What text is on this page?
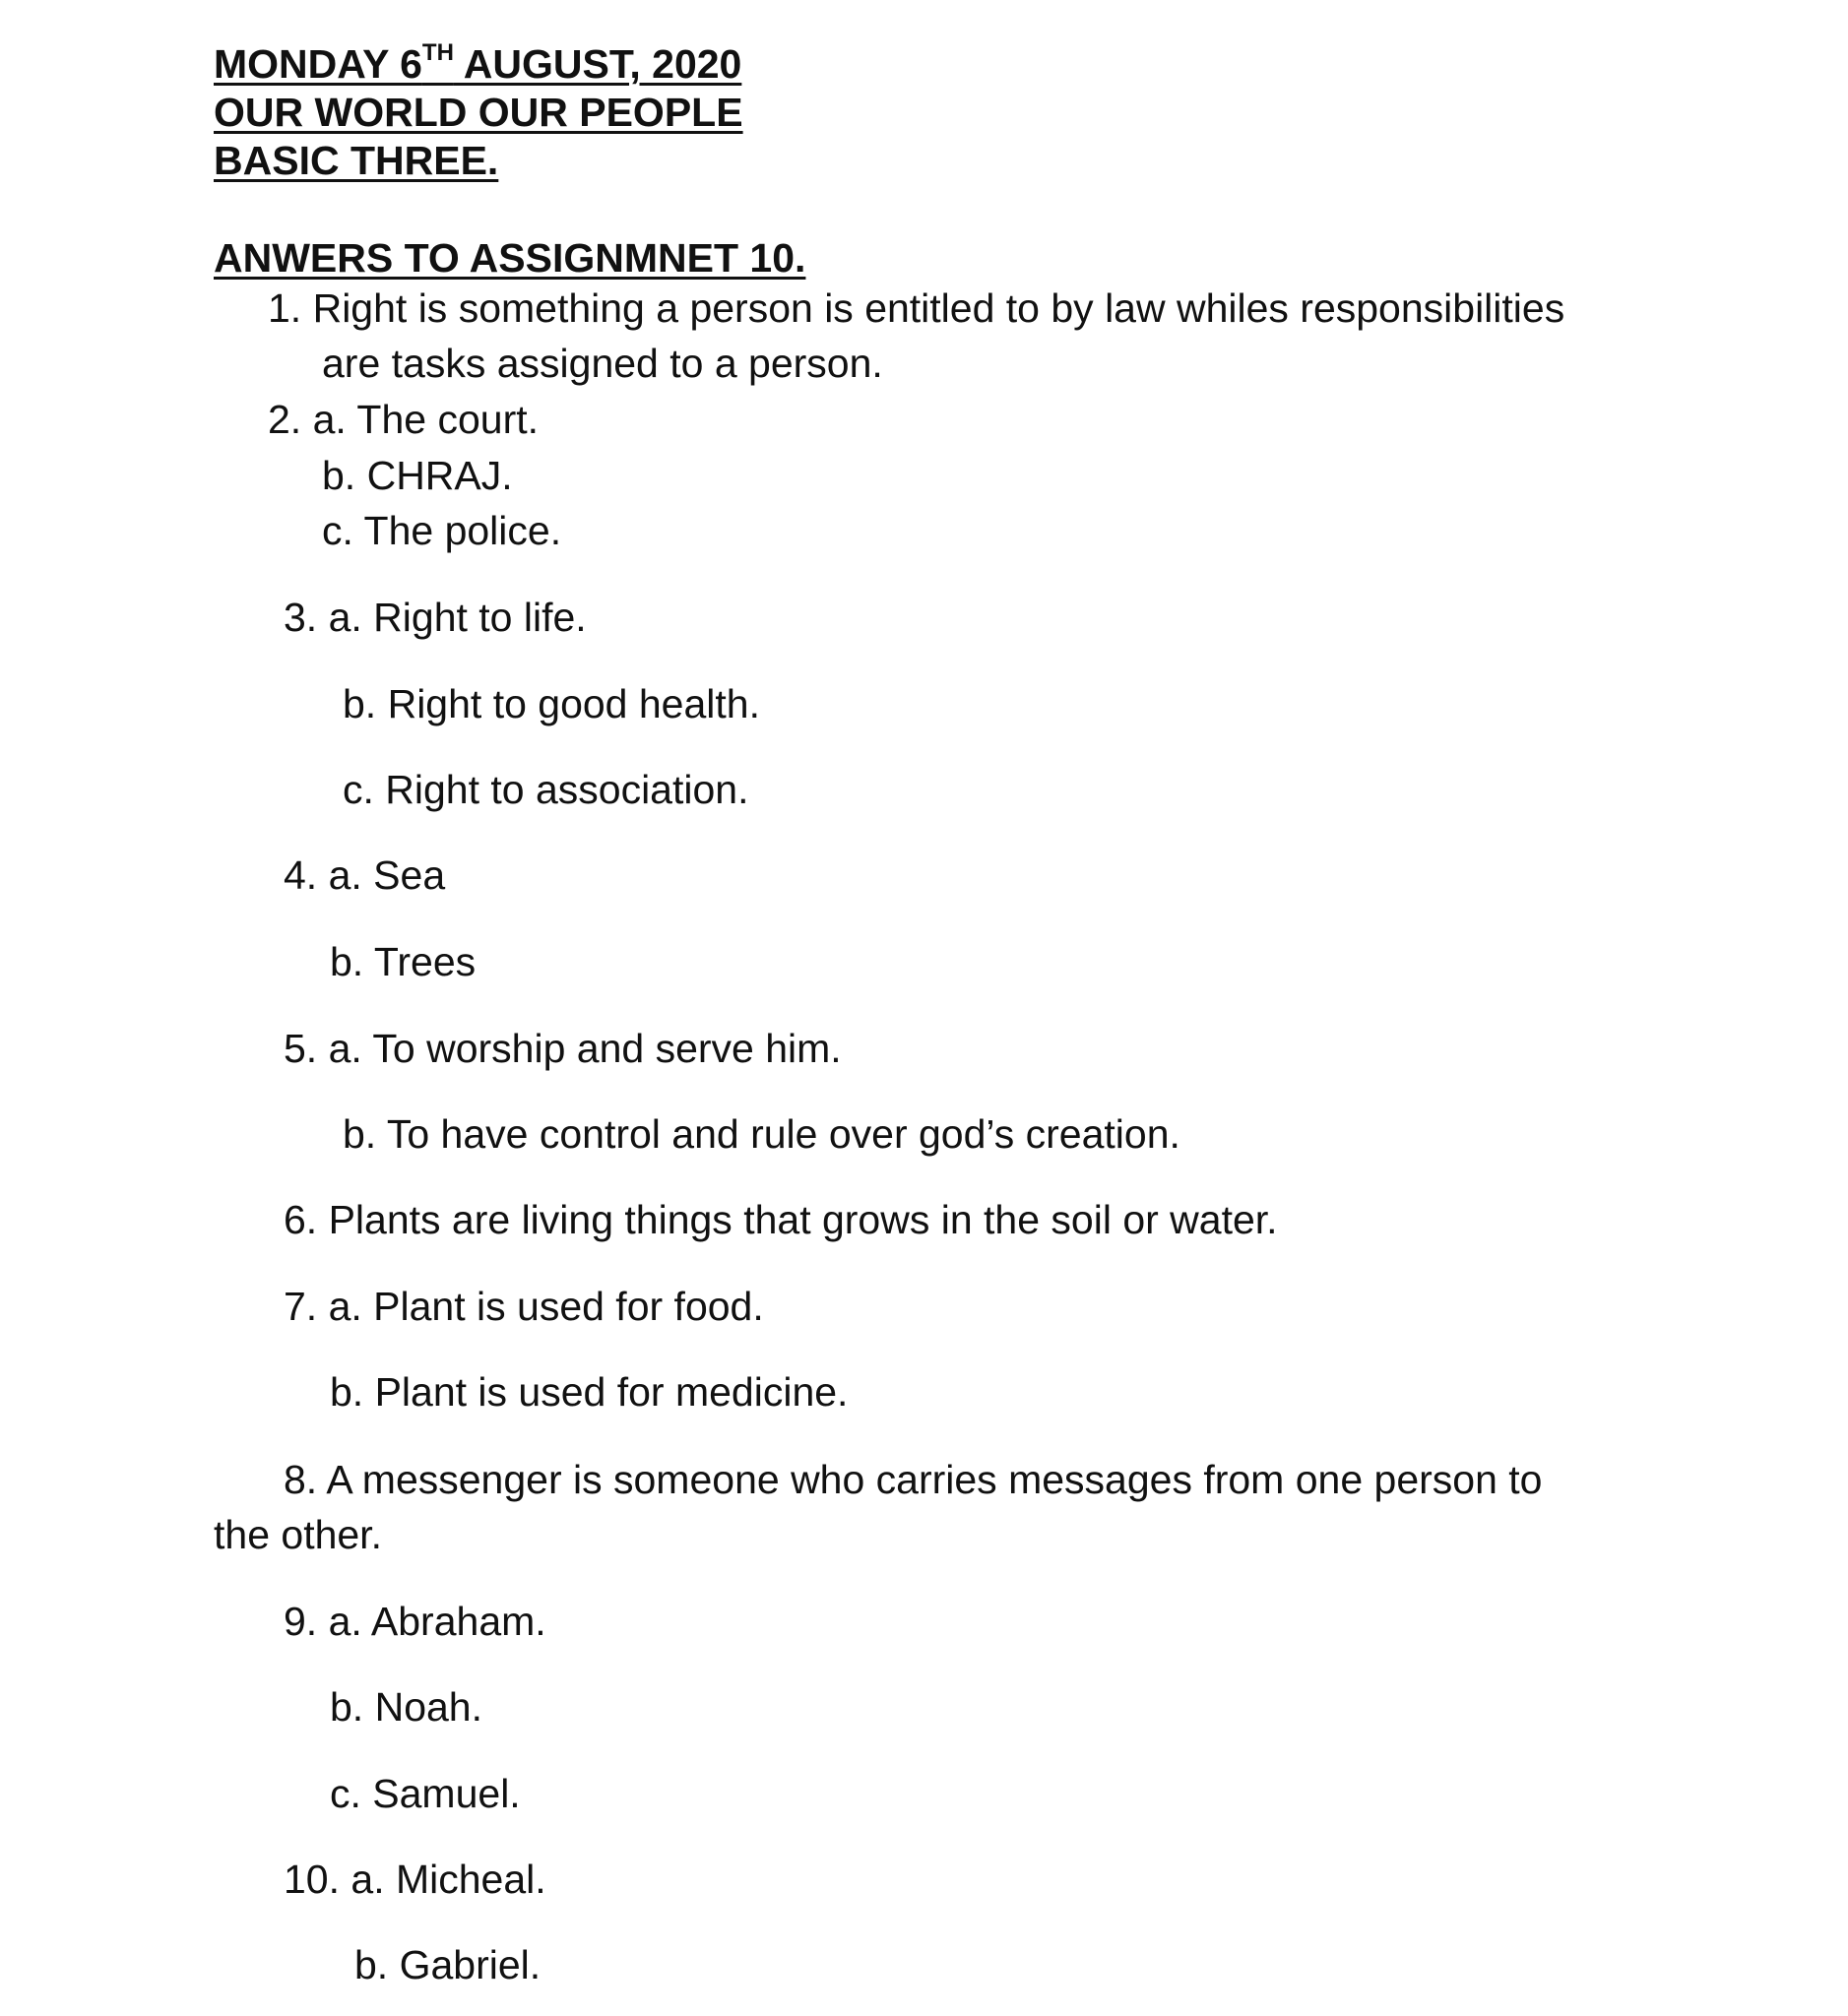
MONDAY 6TH AUGUST, 2020
OUR WORLD OUR PEOPLE
BASIC THREE.
ANWERS TO ASSIGNMNET 10.
1. Right is something a person is entitled to by law whiles responsibilities
are tasks assigned to a person.
2. a. The court.
b. CHRAJ.
c. The police.
3. a. Right to life.
b. Right to good health.
c. Right to association.
4. a. Sea
b. Trees
5. a. To worship and serve him.
b. To have control and rule over god’s creation.
6. Plants are living things that grows in the soil or water.
7. a. Plant is used for food.
b. Plant is used for medicine.
8. A messenger is someone who carries messages from one person to
the other.
9. a. Abraham.
b. Noah.
c. Samuel.
10. a. Micheal.
b. Gabriel.
